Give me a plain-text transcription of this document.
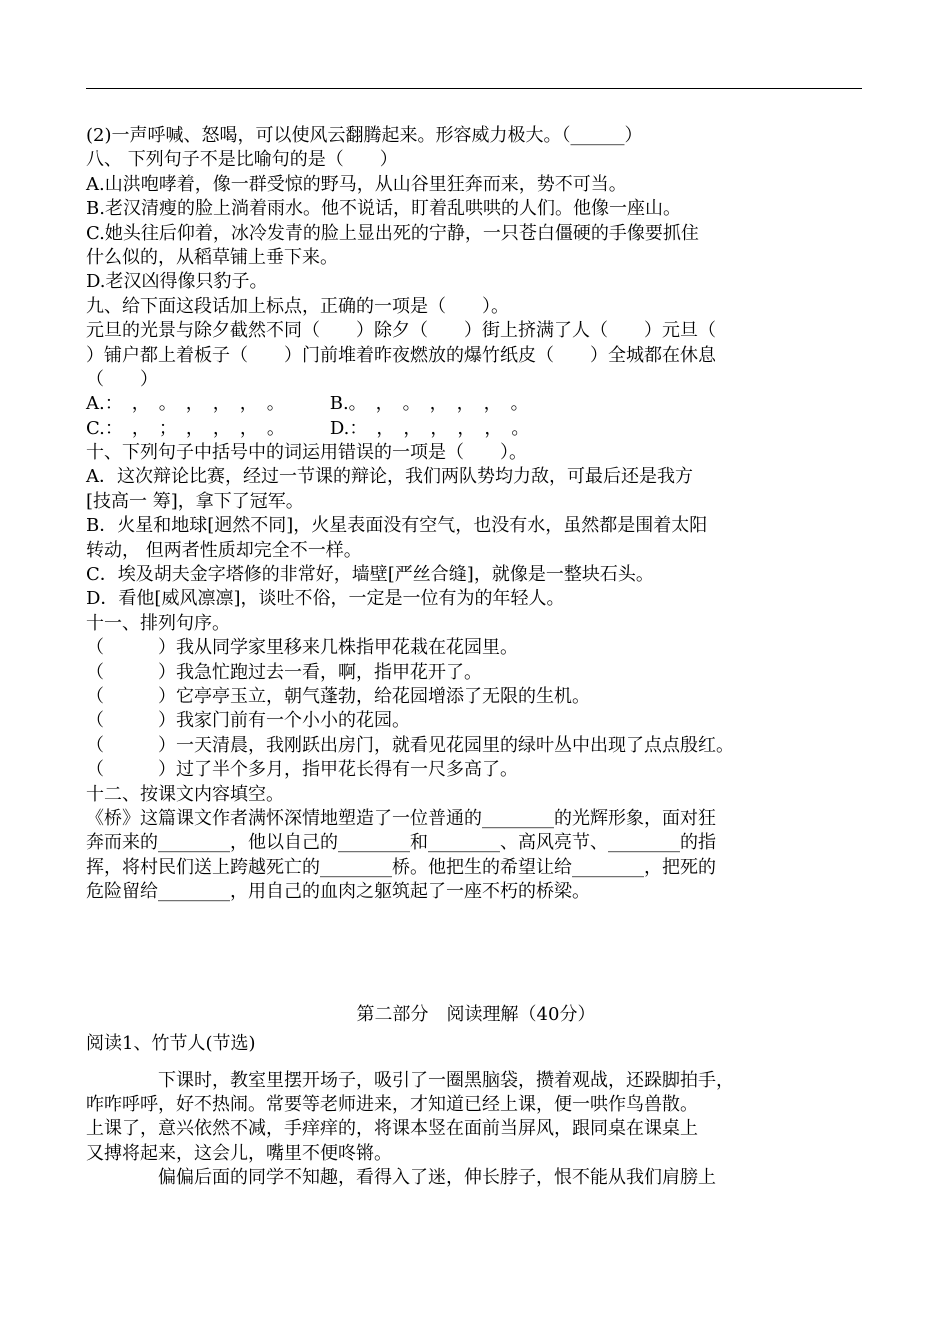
(2)一声呼喊、怒喝，可以使风云翻腾起来。形容威力极大。（______）
八、 下列句子不是比喻句的是（　　）
A.山洪咆哮着，像一群受惊的野马，从山谷里狂奔而来，势不可当。
B.老汉清瘦的脸上淌着雨水。他不说话，盯着乱哄哄的人们。他像一座山。
C.她头往后仰着，冰冷发青的脸上显出死的宁静，一只苍白僵硬的手像要抓住
什么似的，从稻草铺上垂下来。
D.老汉凶得像只豹子。
九、给下面这段话加上标点，正确的一项是（　　）。
元旦的光景与除夕截然不同（　　）除夕（　　）街上挤满了人（　　）元旦（
）铺户都上着板子（　　）门前堆着昨夜燃放的爆竹纸皮（　　）全城都在休息
（　　）
A.：　，　。　，　，　，　。　　　B.。　，　。　，　，　，　。
C.：　，　；　，　，　，　。　　　D.：　，　，　，　，　，　。
十、下列句子中括号中的词运用错误的一项是（　　）。
A．这次辩论比赛，经过一节课的辩论，我们两队势均力敌，可最后还是我方
[技高一 筹]，拿下了冠军。
B．火星和地球[迥然不同]，火星表面没有空气，也没有水，虽然都是围着太阳
转动， 但两者性质却完全不一样。
C．埃及胡夫金字塔修的非常好，墙壁[严丝合缝]，就像是一整块石头。
D．看他[威风凛凛]，谈吐不俗，一定是一位有为的年轻人。
十一、排列句序。
（　　　）我从同学家里移来几株指甲花栽在花园里。
（　　　）我急忙跑过去一看，啊，指甲花开了。
（　　　）它亭亭玉立，朝气蓬勃，给花园增添了无限的生机。
（　　　）我家门前有一个小小的花园。
（　　　）一天清晨，我刚跃出房门，就看见花园里的绿叶丛中出现了点点殷红。
（　　　）过了半个多月，指甲花长得有一尺多高了。
十二、按课文内容填空。
《桥》这篇课文作者满怀深情地塑造了一位普通的________的光辉形象，面对狂
奔而来的________，他以自己的________和________、高风亮节、________的指
挥，将村民们送上跨越死亡的________桥。他把生的希望让给________，把死的
危险留给________，用自己的血肉之躯筑起了一座不朽的桥梁。
第二部分　阅读理解（40分）
阅读1、竹节人(节选)
　　　　下课时，教室里摆开场子，吸引了一圈黑脑袋，攒着观战，还跺脚拍手，
咋咋呼呼，好不热闹。常要等老师进来，才知道已经上课，便一哄作鸟兽散。
上课了，意兴依然不减，手痒痒的，将课本竖在面前当屏风，跟同桌在课桌上
又搏将起来，这会儿，嘴里不便咚锵。
　　　　偏偏后面的同学不知趣，看得入了迷，伸长脖子，恨不能从我们肩膀上
